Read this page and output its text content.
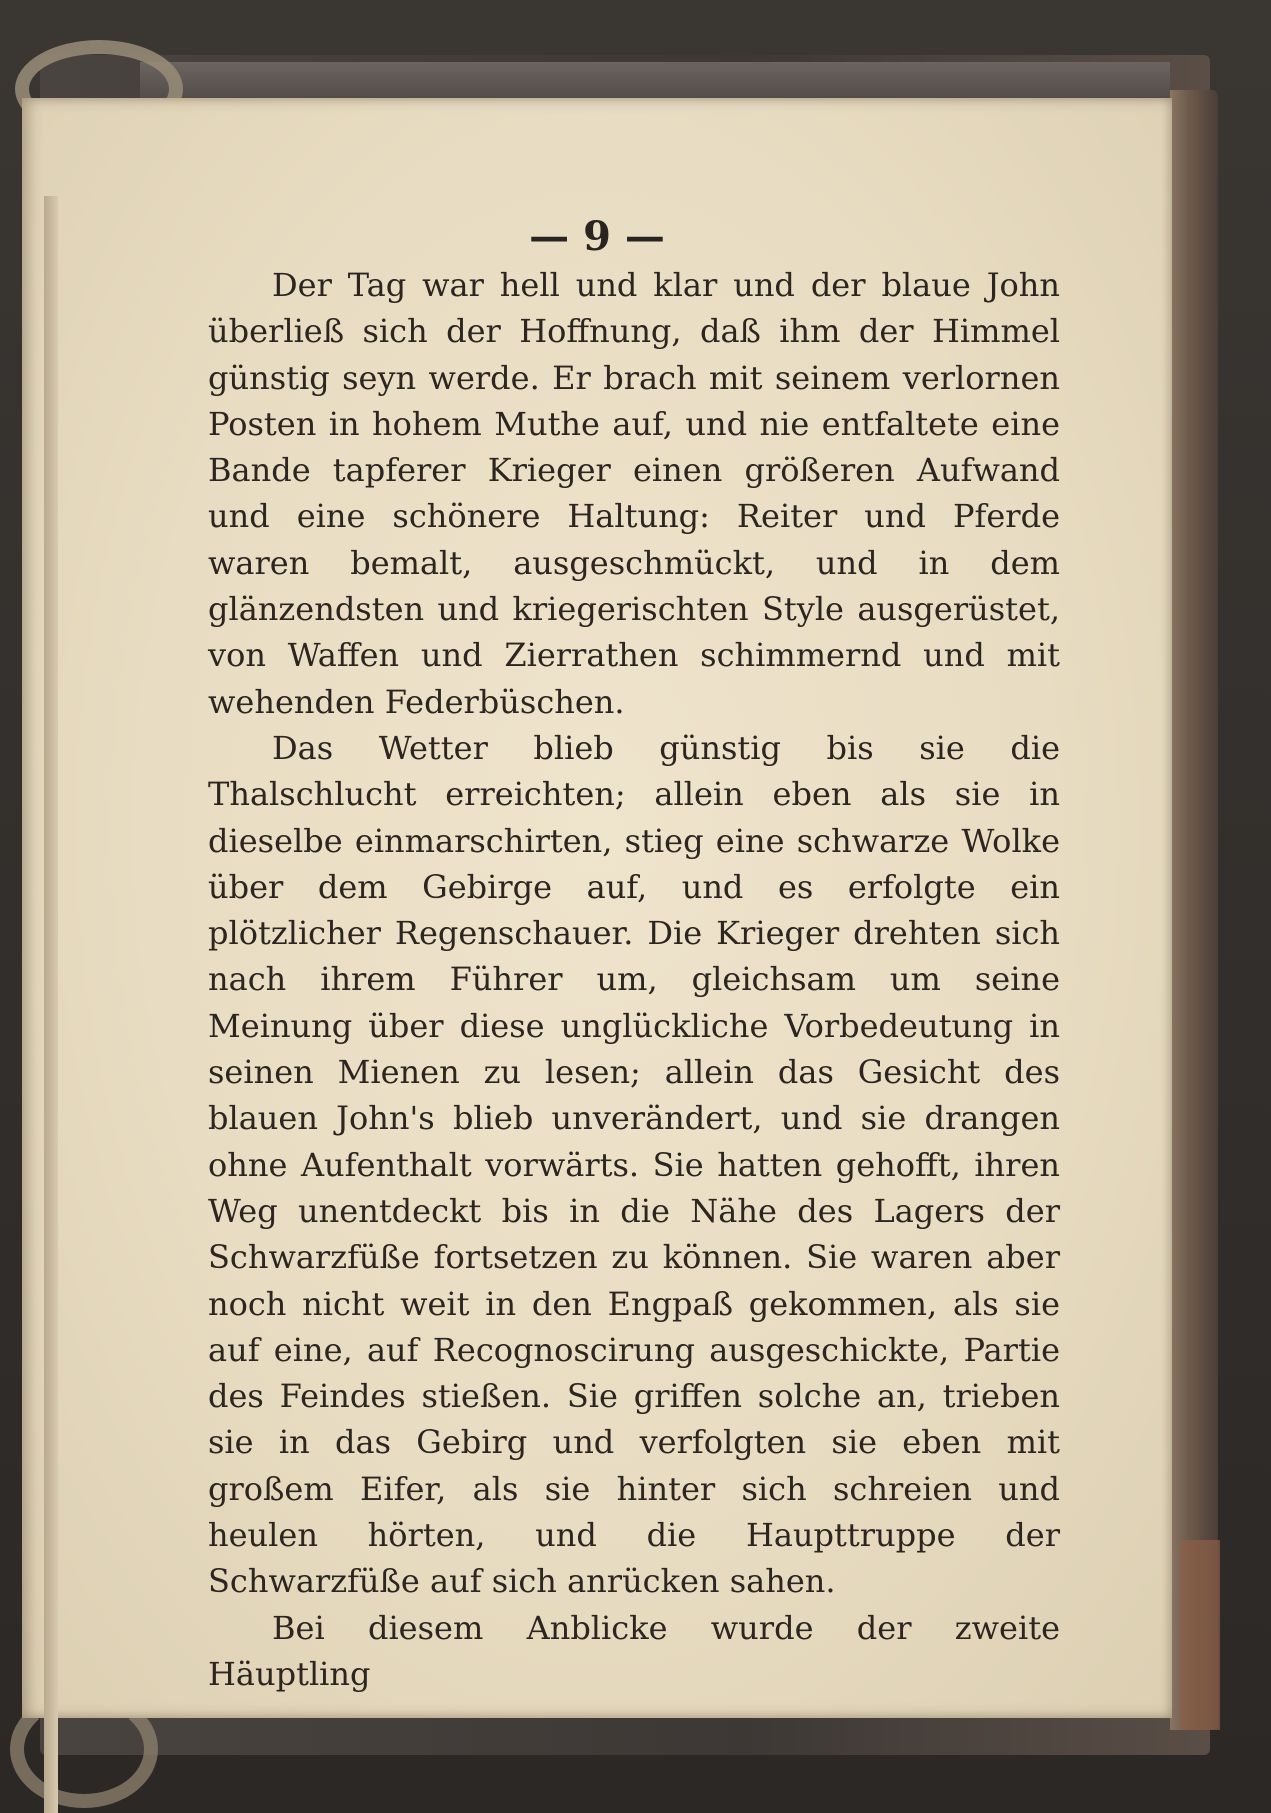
— 9 —

Der Tag war hell und klar und der blaue John überließ sich der Hoffnung, daß ihm der Himmel günstig seyn werde. Er brach mit seinem verlornen Posten in hohem Muthe auf, und nie entfaltete eine Bande tapferer Krieger einen größeren Aufwand und eine schönere Haltung: Reiter und Pferde waren bemalt, ausgeschmückt, und in dem glänzendsten und kriegerischten Style ausgerüstet, von Waffen und Zierrathen schimmernd und mit wehenden Federbüschen.

Das Wetter blieb günstig bis sie die Thalschlucht erreichten; allein eben als sie in dieselbe einmarschirten, stieg eine schwarze Wolke über dem Gebirge auf, und es erfolgte ein plötzlicher Regenschauer. Die Krieger drehten sich nach ihrem Führer um, gleichsam um seine Meinung über diese unglückliche Vorbedeutung in seinen Mienen zu lesen; allein das Gesicht des blauen John's blieb unverändert, und sie drangen ohne Aufenthalt vorwärts. Sie hatten gehofft, ihren Weg unentdeckt bis in die Nähe des Lagers der Schwarzfüße fortsetzen zu können. Sie waren aber noch nicht weit in den Engpaß gekommen, als sie auf eine, auf Recognoscirung ausgeschickte, Partie des Feindes stießen. Sie griffen solche an, trieben sie in das Gebirg und verfolgten sie eben mit großem Eifer, als sie hinter sich schreien und heulen hörten, und die Haupttruppe der Schwarzfüße auf sich anrücken sahen.

Bei diesem Anblicke wurde der zweite Häuptling
